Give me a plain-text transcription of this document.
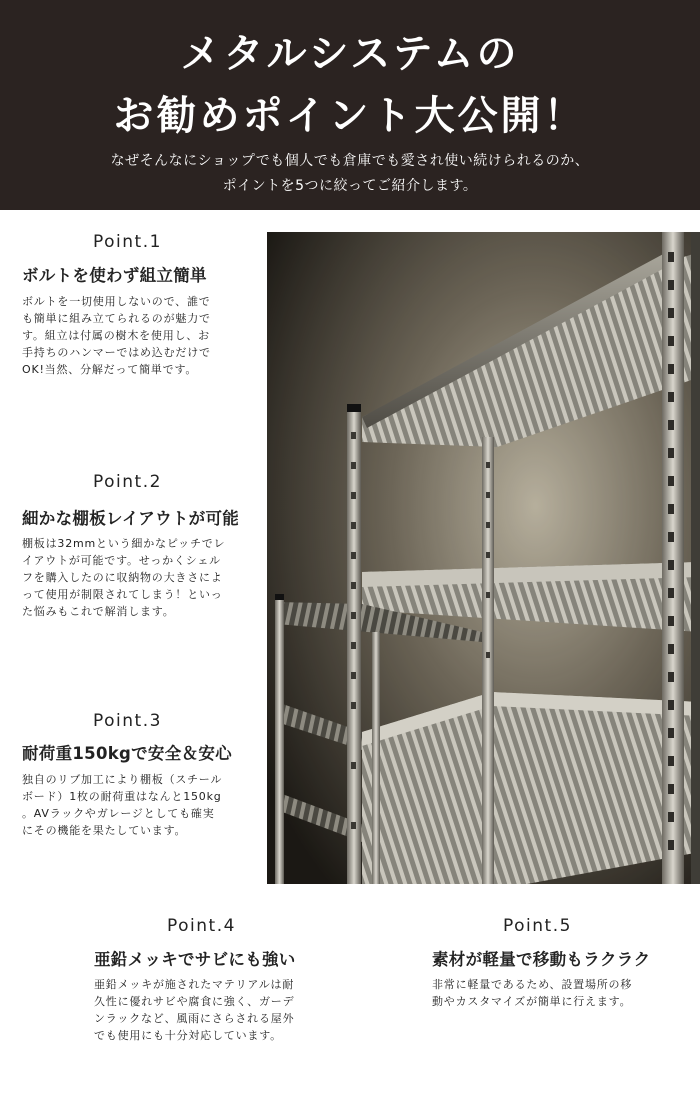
メタルシステムの
お勧めポイント大公開！
なぜそんなにショップでも個人でも倉庫でも愛され使い続けられるのか、
ポイントを5つに絞ってご紹介します。
Point.1
ボルトを使わず組立簡単
ボルトを一切使用しないので、誰で
も簡単に組み立てられるのが魅力で
す。組立は付属の樹木を使用し、お
手持ちのハンマーではめ込むだけで
OK!当然、分解だって簡単です。
Point.2
細かな棚板レイアウトが可能
棚板は32mmという細かなピッチでレ
イアウトが可能です。せっかくシェル
フを購入したのに収納物の大きさによ
って使用が制限されてしまう！といっ
た悩みもこれで解消します。
Point.3
耐荷重150kgで安全＆安心
独自のリブ加工により棚板（スチール
ボード）1枚の耐荷重はなんと150kg
。AVラックやガレージとしても確実
にその機能を果たしています。
Point.4
亜鉛メッキでサビにも強い
亜鉛メッキが施されたマテリアルは耐
久性に優れサビや腐食に強く、ガーデ
ンラックなど、風雨にさらされる屋外
でも使用にも十分対応しています。
Point.5
素材が軽量で移動もラクラク
非常に軽量であるため、設置場所の移
動やカスタマイズが簡単に行えます。
